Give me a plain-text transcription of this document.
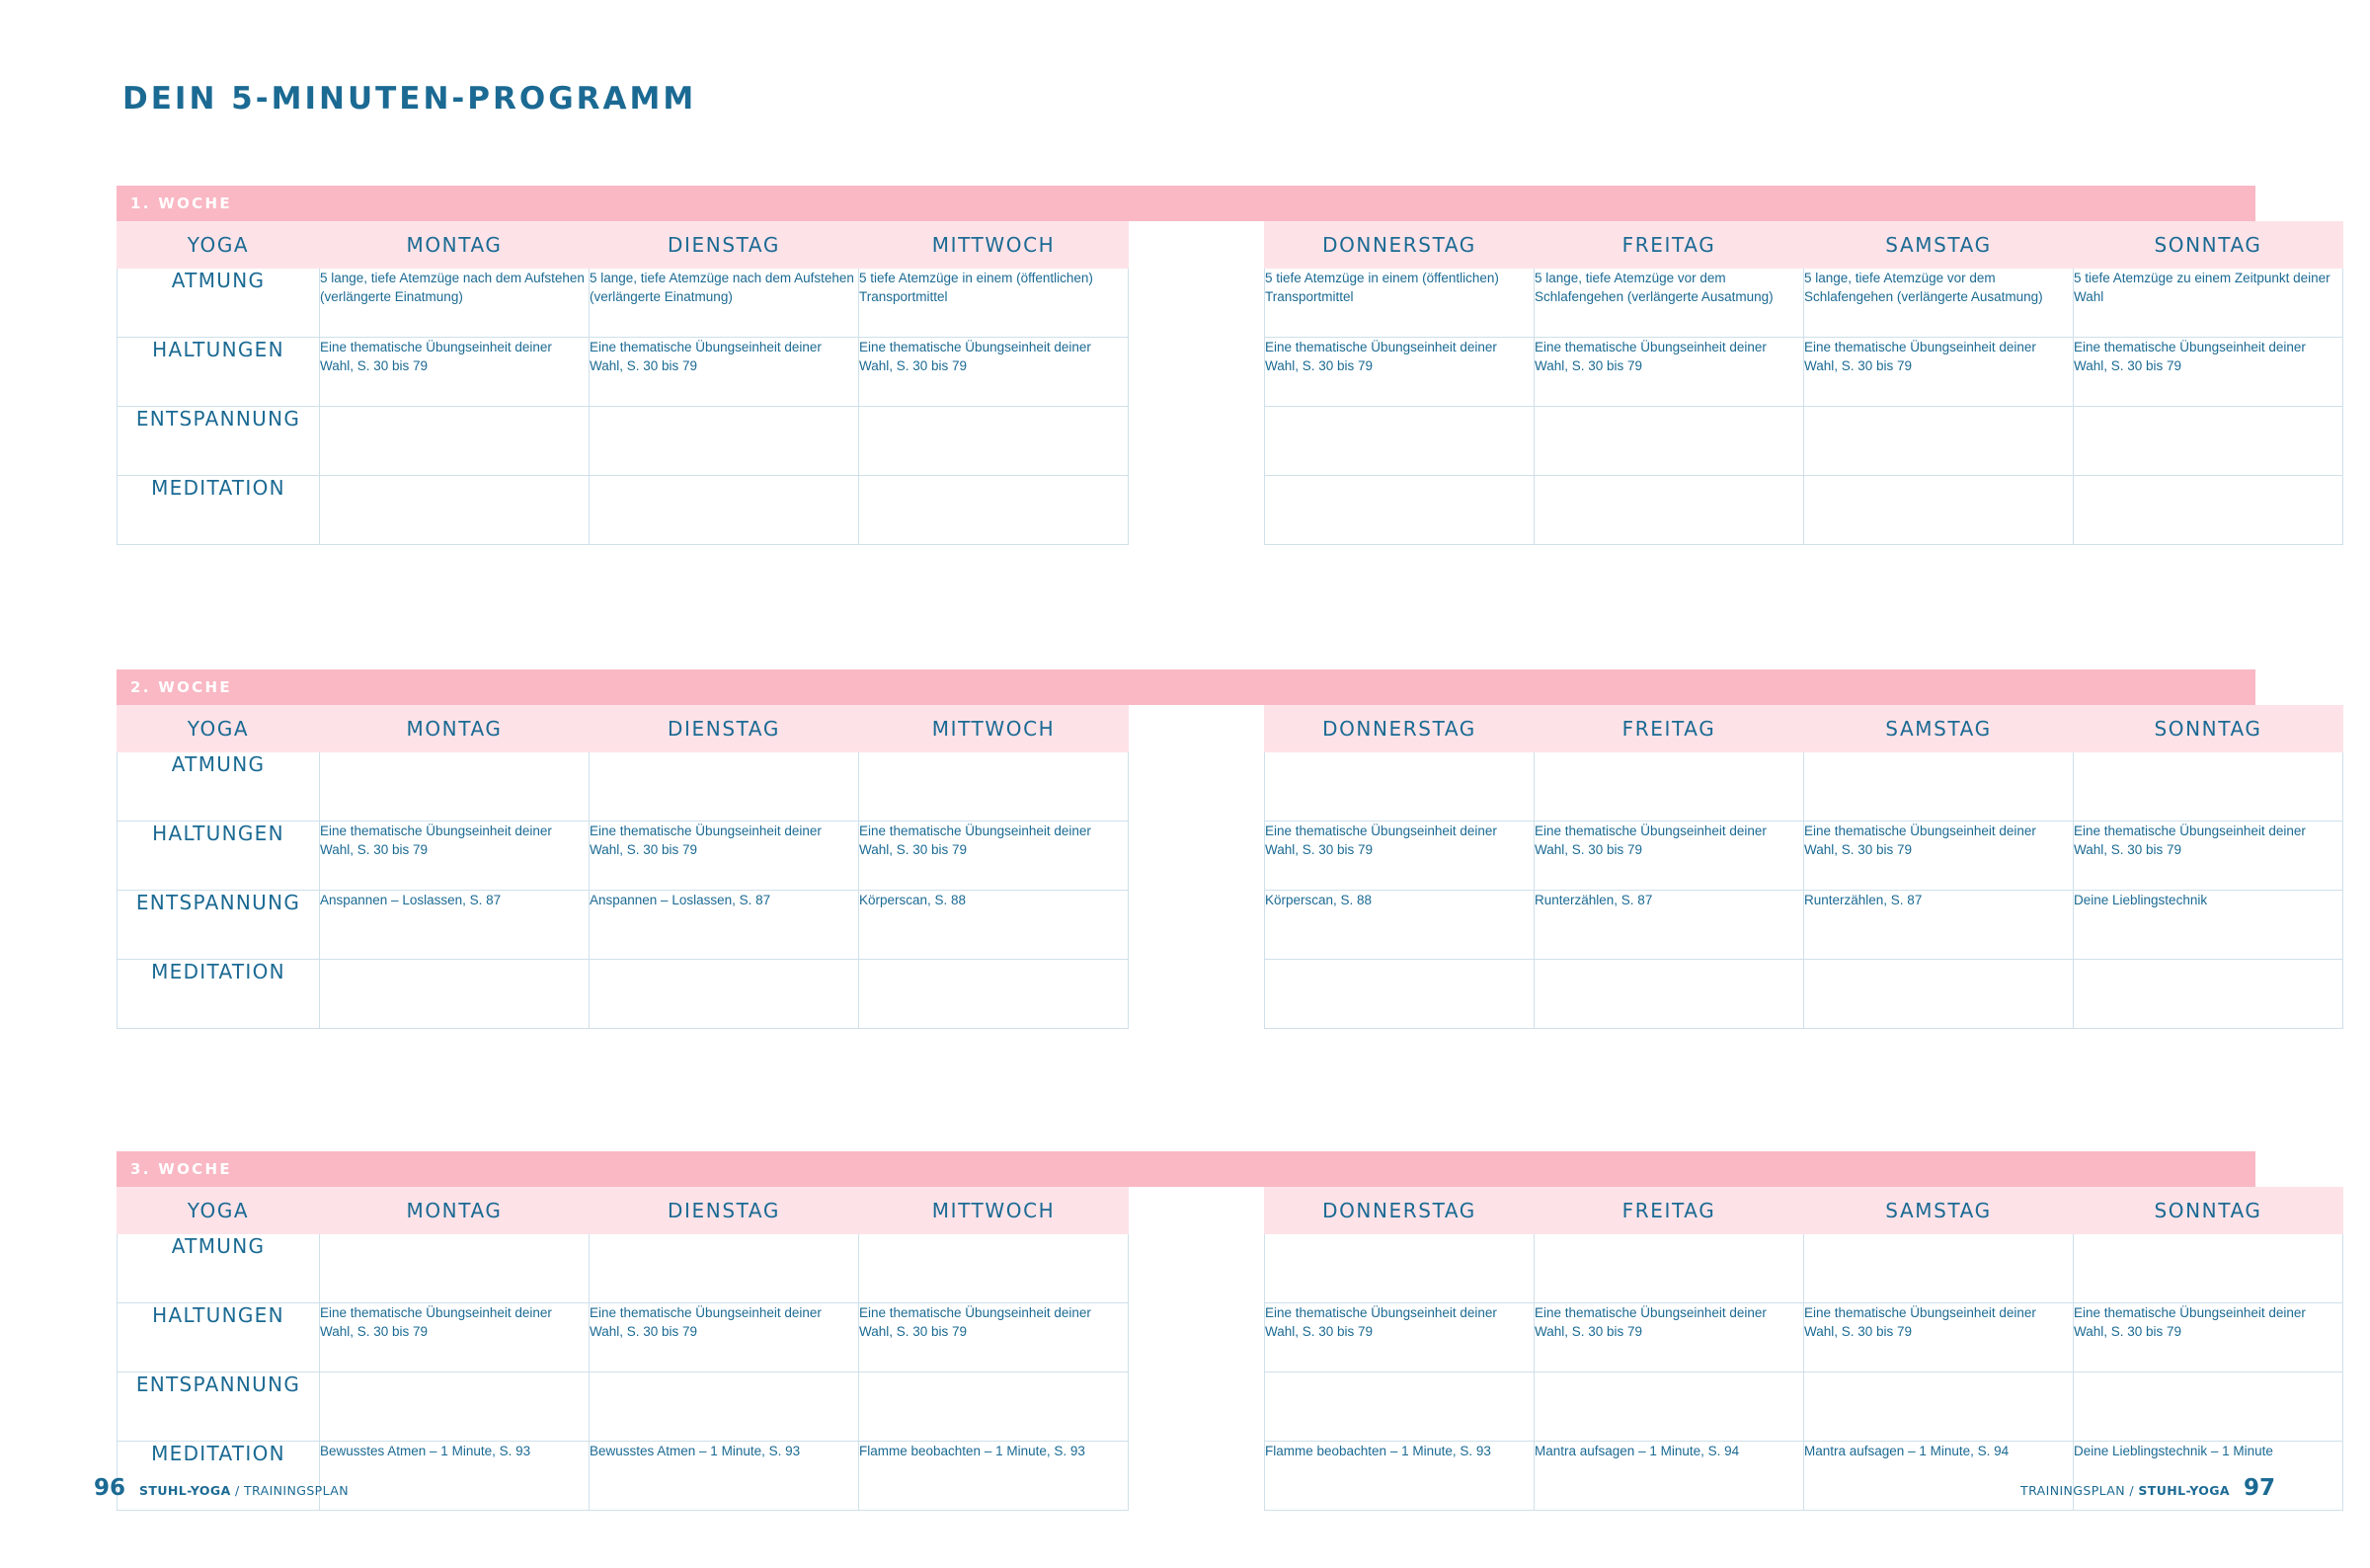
DEIN 5-MINUTEN-PROGRAMM
1. WOCHE
YOGA	MONTAG	DIENSTAG	MITTWOCH		DONNERSTAG	FREITAG	SAMSTAG	SONNTAG
ATMUNG	5 lange, tiefe Atemzüge nach dem Aufstehen (verlängerte Einatmung)	5 lange, tiefe Atemzüge nach dem Aufstehen (verlängerte Einatmung)	5 tiefe Atemzüge in einem (öffentlichen) Transportmittel		5 tiefe Atemzüge in einem (öffentlichen) Transportmittel	5 lange, tiefe Atemzüge vor dem Schlafengehen (verlängerte Ausatmung)	5 lange, tiefe Atemzüge vor dem Schlafengehen (verlängerte Ausatmung)	5 tiefe Atemzüge zu einem Zeitpunkt deiner Wahl
HALTUNGEN	Eine thematische Übungseinheit deiner Wahl, S. 30 bis 79	Eine thematische Übungseinheit deiner Wahl, S. 30 bis 79	Eine thematische Übungseinheit deiner Wahl, S. 30 bis 79		Eine thematische Übungseinheit deiner Wahl, S. 30 bis 79	Eine thematische Übungseinheit deiner Wahl, S. 30 bis 79	Eine thematische Übungseinheit deiner Wahl, S. 30 bis 79	Eine thematische Übungseinheit deiner Wahl, S. 30 bis 79
ENTSPANNUNG								
MEDITATION								
2. WOCHE
YOGA	MONTAG	DIENSTAG	MITTWOCH		DONNERSTAG	FREITAG	SAMSTAG	SONNTAG
ATMUNG								
HALTUNGEN	Eine thematische Übungseinheit deiner Wahl, S. 30 bis 79	Eine thematische Übungseinheit deiner Wahl, S. 30 bis 79	Eine thematische Übungseinheit deiner Wahl, S. 30 bis 79		Eine thematische Übungseinheit deiner Wahl, S. 30 bis 79	Eine thematische Übungseinheit deiner Wahl, S. 30 bis 79	Eine thematische Übungseinheit deiner Wahl, S. 30 bis 79	Eine thematische Übungseinheit deiner Wahl, S. 30 bis 79
ENTSPANNUNG	Anspannen – Loslassen, S. 87	Anspannen – Loslassen, S. 87	Körperscan, S. 88		Körperscan, S. 88	Runterzählen, S. 87	Runterzählen, S. 87	Deine Lieblingstechnik
MEDITATION								
3. WOCHE
YOGA	MONTAG	DIENSTAG	MITTWOCH		DONNERSTAG	FREITAG	SAMSTAG	SONNTAG
ATMUNG								
HALTUNGEN	Eine thematische Übungseinheit deiner Wahl, S. 30 bis 79	Eine thematische Übungseinheit deiner Wahl, S. 30 bis 79	Eine thematische Übungseinheit deiner Wahl, S. 30 bis 79		Eine thematische Übungseinheit deiner Wahl, S. 30 bis 79	Eine thematische Übungseinheit deiner Wahl, S. 30 bis 79	Eine thematische Übungseinheit deiner Wahl, S. 30 bis 79	Eine thematische Übungseinheit deiner Wahl, S. 30 bis 79
ENTSPANNUNG								
MEDITATION	Bewusstes Atmen – 1 Minute, S. 93	Bewusstes Atmen – 1 Minute, S. 93	Flamme beobachten – 1 Minute, S. 93		Flamme beobachten – 1 Minute, S. 93	Mantra aufsagen – 1 Minute, S. 94	Mantra aufsagen – 1 Minute, S. 94	Deine Lieblingstechnik – 1 Minute
96 STUHL-YOGA / TRAININGSPLAN	TRAININGSPLAN / STUHL-YOGA 97
